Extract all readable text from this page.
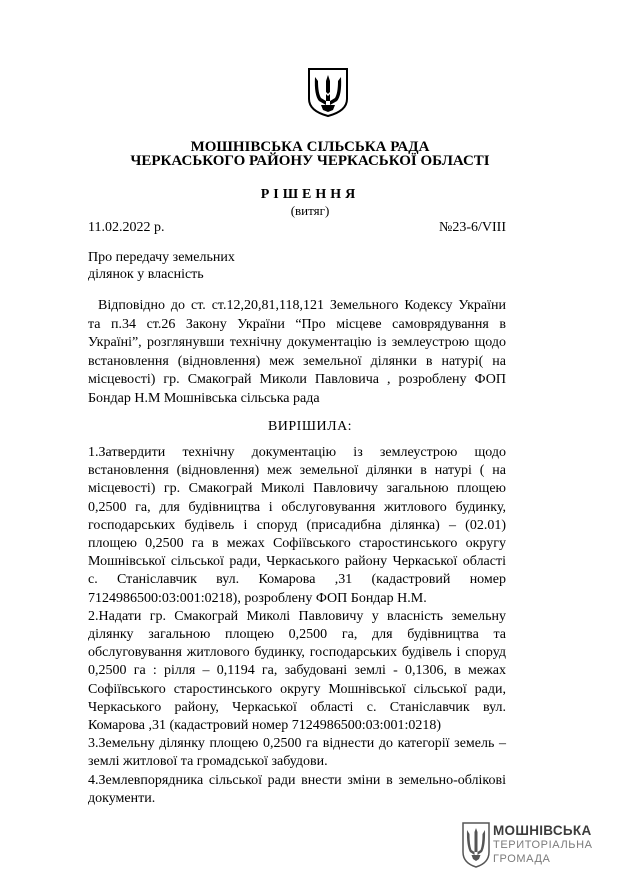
МОШНІВСЬКА СІЛЬСЬКА РАДА
ЧЕРКАСЬКОГО РАЙОНУ ЧЕРКАСЬКОЇ ОБЛАСТІ
РІШЕННЯ
(витяг)
11.02.2022 р.	№23-6/VIII
Про передачу земельних
ділянок у власність
Відповідно до ст. ст.12,20,81,118,121 Земельного Кодексу України та п.34 ст.26 Закону України “Про місцеве самоврядування в Україні”, розглянувши технічну документацію із землеустрою щодо встановлення (відновлення) меж земельної ділянки в натурі( на місцевості) гр. Смакограй Миколи Павловича , розроблену ФОП Бондар Н.М Мошнівська сільська рада
ВИРІШИЛА:

1.Затвердити технічну документацію із землеустрою щодо встановлення (відновлення) меж земельної ділянки в натурі ( на місцевості) гр. Смакограй Миколі Павловичу загальною площею 0,2500 га, для будівництва і обслуговування житлового будинку, господарських будівель і споруд (присадибна ділянка) – (02.01) площею 0,2500 га в межах Софіївського старостинського округу Мошнівської сільської ради, Черкаського району Черкаської області с. Станіславчик вул. Комарова ,31 (кадастровий номер 7124986500:03:001:0218), розроблену ФОП Бондар Н.М.

2.Надати гр. Смакограй Миколі Павловичу у власність земельну ділянку загальною площею 0,2500 га, для будівництва та обслуговування житлового будинку, господарських будівель і споруд 0,2500 га : рілля – 0,1194 га, забудовані землі - 0,1306, в межах Софіївського старостинського округу Мошнівської сільської ради, Черкаського району, Черкаської області с. Станіславчик вул. Комарова ,31 (кадастровий номер 7124986500:03:001:0218)

3.Земельну ділянку площею 0,2500 га віднести до категорії земель – землі житлової та громадської забудови.

4.Землевпорядника сільської ради внести зміни в земельно-облікові документи.

МОШНІВСЬКА
ТЕРИТОРІАЛЬНА
ГРОМАДА
